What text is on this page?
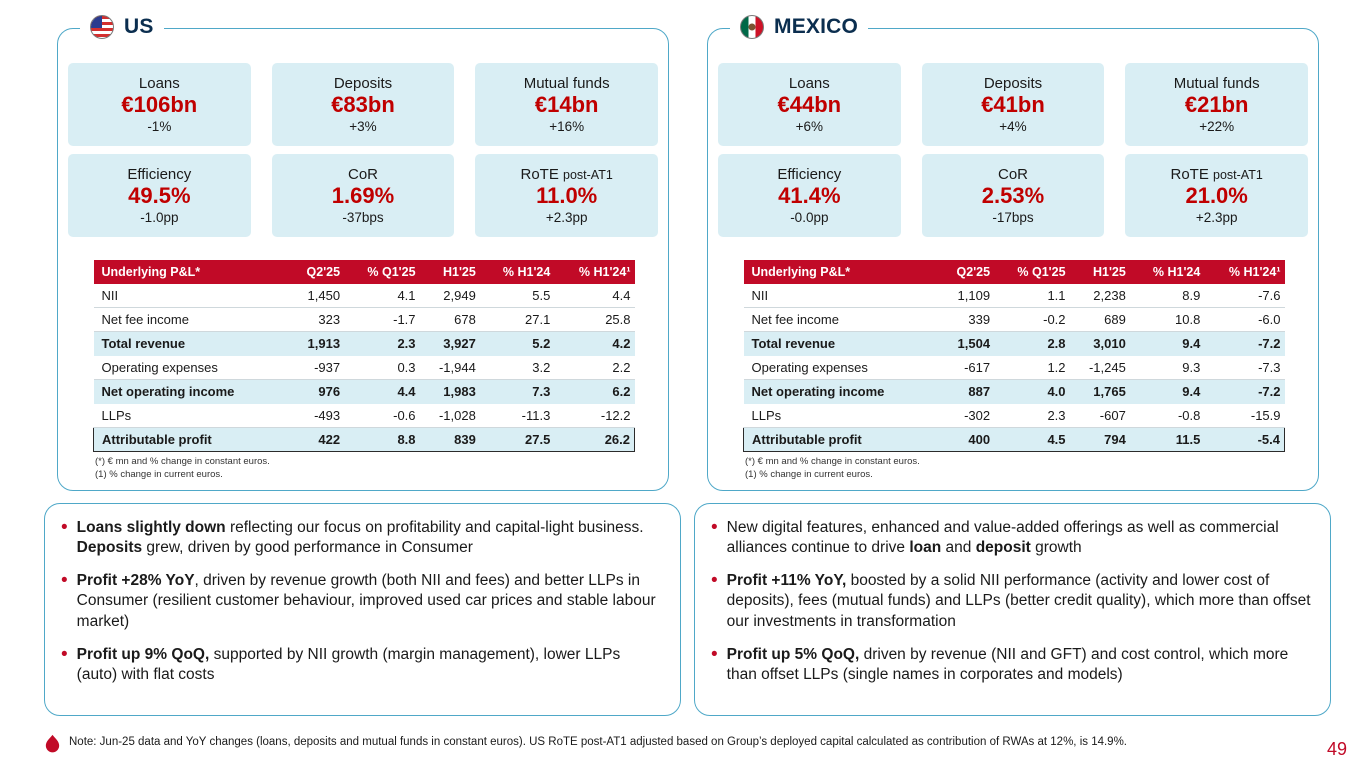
US
Loans
€106bn
-1%
Deposits
€83bn
+3%
Mutual funds
€14bn
+16%
Efficiency
49.5%
-1.0pp
CoR
1.69%
-37bps
RoTE post-AT1
11.0%
+2.3pp
Underlying P&L*	Q2'25	% Q1'25	H1'25	% H1'24	% H1'24¹
NII	1,450	4.1	2,949	5.5	4.4
Net fee income	323	-1.7	678	27.1	25.8
Total revenue	1,913	2.3	3,927	5.2	4.2
Operating expenses	-937	0.3	-1,944	3.2	2.2
Net operating income	976	4.4	1,983	7.3	6.2
LLPs	-493	-0.6	-1,028	-11.3	-12.2
Attributable profit	422	8.8	839	27.5	26.2
(*) € mn and % change in constant euros.
(1) % change in current euros.
• Loans slightly down reflecting our focus on profitability and capital-light business. Deposits grew, driven by good performance in Consumer
• Profit +28% YoY, driven by revenue growth (both NII and fees) and better LLPs in Consumer (resilient customer behaviour, improved used car prices and stable labour market)
• Profit up 9% QoQ, supported by NII growth (margin management), lower LLPs (auto) with flat costs
MEXICO
Loans
€44bn
+6%
Deposits
€41bn
+4%
Mutual funds
€21bn
+22%
Efficiency
41.4%
-0.0pp
CoR
2.53%
-17bps
RoTE post-AT1
21.0%
+2.3pp
Underlying P&L*	Q2'25	% Q1'25	H1'25	% H1'24	% H1'24¹
NII	1,109	1.1	2,238	8.9	-7.6
Net fee income	339	-0.2	689	10.8	-6.0
Total revenue	1,504	2.8	3,010	9.4	-7.2
Operating expenses	-617	1.2	-1,245	9.3	-7.3
Net operating income	887	4.0	1,765	9.4	-7.2
LLPs	-302	2.3	-607	-0.8	-15.9
Attributable profit	400	4.5	794	11.5	-5.4
(*) € mn and % change in constant euros.
(1) % change in current euros.
• New digital features, enhanced and value-added offerings as well as commercial alliances continue to drive loan and deposit growth
• Profit +11% YoY, boosted by a solid NII performance (activity and lower cost of deposits), fees (mutual funds) and LLPs (better credit quality), which more than offset our investments in transformation
• Profit up 5% QoQ, driven by revenue (NII and GFT) and cost control, which more than offset LLPs (single names in corporates and models)
Note: Jun-25 data and YoY changes (loans, deposits and mutual funds in constant euros). US RoTE post-AT1 adjusted based on Group’s deployed capital calculated as contribution of RWAs at 12%, is 14.9%.	49
